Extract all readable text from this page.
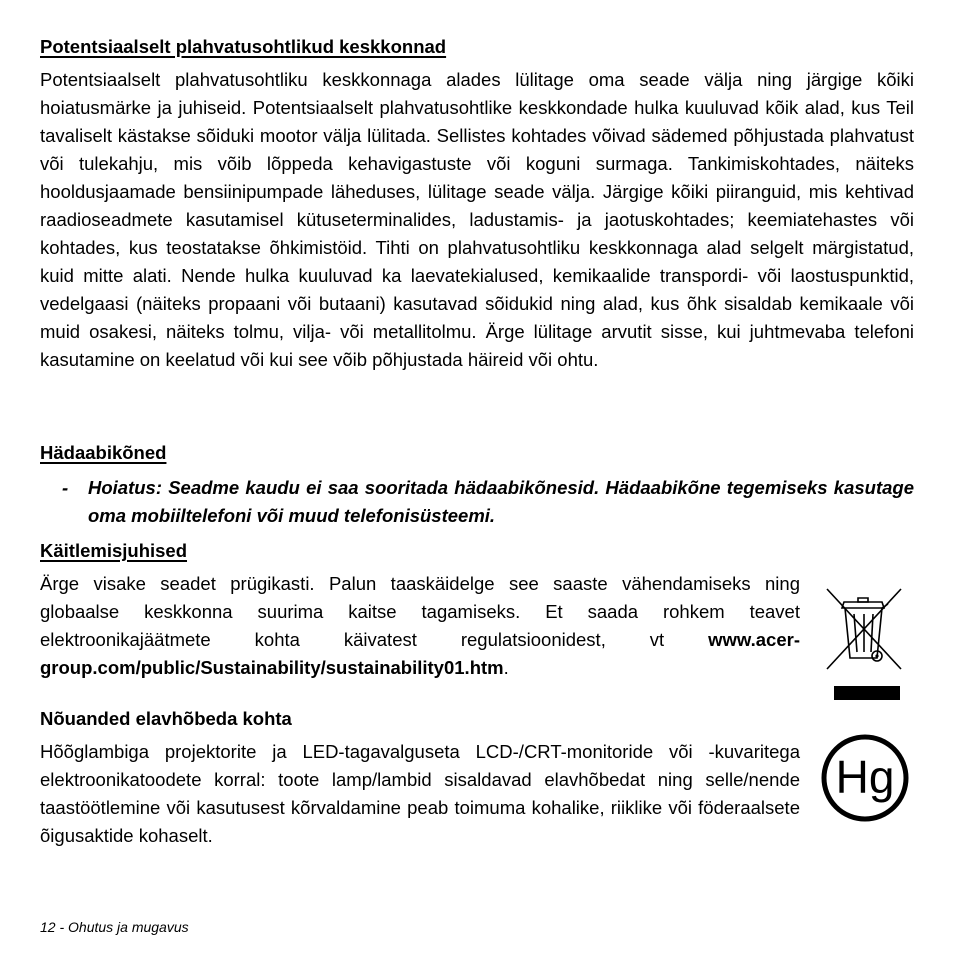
Potentsiaalselt plahvatusohtlikud keskkonnad

Potentsiaalselt plahvatusohtliku keskkonnaga alades lülitage oma seade välja ning järgige kõiki hoiatusmärke ja juhiseid. Potentsiaalselt plahvatusohtlike keskkondade hulka kuuluvad kõik alad, kus Teil tavaliselt kästakse sõiduki mootor välja lülitada. Sellistes kohtades võivad sädemed põhjustada plahvatust või tulekahju, mis võib lõppeda kehavigastuste või koguni surmaga. Tankimiskohtades, näiteks hooldusjaamade bensiinipumpade läheduses, lülitage seade välja. Järgige kõiki piiranguid, mis kehtivad raadioseadmete kasutamisel kütuseterminalides, ladustamis- ja jaotuskohtades; keemiatehastes või kohtades, kus teostatakse õhkimistöid. Tihti on plahvatusohtliku keskkonnaga alad selgelt märgistatud, kuid mitte alati. Nende hulka kuuluvad ka laevatekialused, kemikaalide transpordi- või laostuspunktid, vedelgaasi (näiteks propaani või butaani) kasutavad sõidukid ning alad, kus õhk sisaldab kemikaale või muid osakesi, näiteks tolmu, vilja- või metallitolmu. Ärge lülitage arvutit sisse, kui juhtmevaba telefoni kasutamine on keelatud või kui see võib põhjustada häireid või ohtu.

Hädaabikõned
- Hoiatus: Seadme kaudu ei saa sooritada hädaabikõnesid. Hädaabikõne tegemiseks kasutage oma mobiiltelefoni või muud telefonisüsteemi.
Käitlemisjuhised

Ärge visake seadet prügikasti. Palun taaskäidelge see saaste vähendamiseks ning globaalse keskkonna suurima kaitse tagamiseks. Et saada rohkem teavet elektroonikajäätmete kohta käivatest regulatsioonidest, vt www.acer-group.com/public/Sustainability/sustainability01.htm.

Nõuanded elavhõbeda kohta

Hõõglambiga projektorite ja LED-tagavalguseta LCD-/CRT-monitoride või -kuvaritega elektroonikatoodete korral: toote lamp/lambid sisaldavad elavhõbedat ning selle/nende taastöötlemine või kasutusest kõrvaldamine peab toimuma kohalike, riiklike või föderaalsete õigusaktide kohaselt.

Hg
12 - Ohutus ja mugavus
